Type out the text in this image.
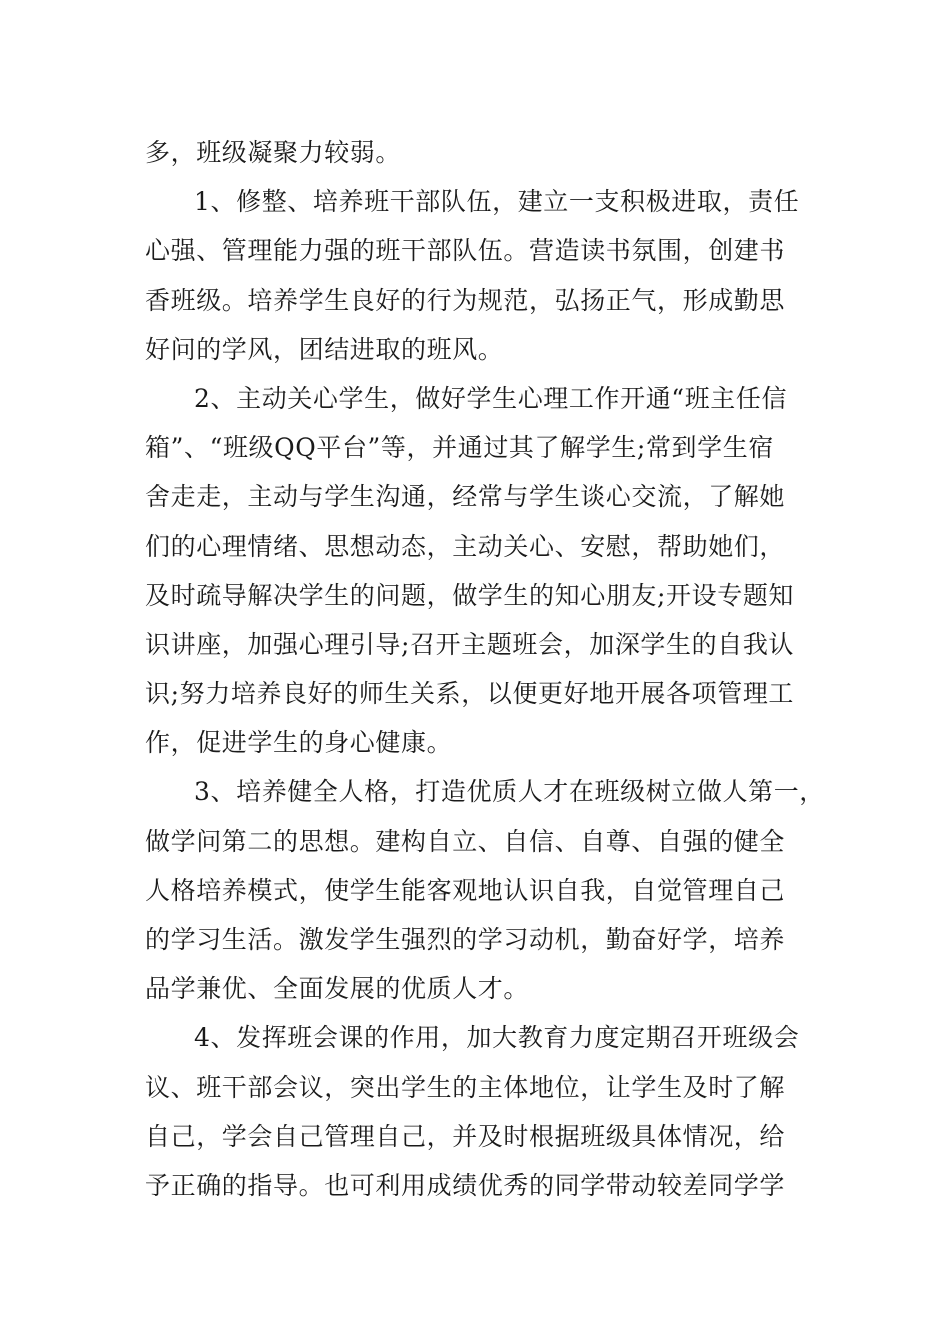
多，班级凝聚力较弱。
1、修整、培养班干部队伍，建立一支积极进取，责任
心强、管理能力强的班干部队伍。营造读书氛围，创建书
香班级。培养学生良好的行为规范，弘扬正气，形成勤思
好问的学风，团结进取的班风。
2、主动关心学生，做好学生心理工作开通“班主任信
箱”、“班级QQ平台”等，并通过其了解学生;常到学生宿
舍走走，主动与学生沟通，经常与学生谈心交流，了解她
们的心理情绪、思想动态，主动关心、安慰，帮助她们，
及时疏导解决学生的问题，做学生的知心朋友;开设专题知
识讲座，加强心理引导;召开主题班会，加深学生的自我认
识;努力培养良好的师生关系，以便更好地开展各项管理工
作，促进学生的身心健康。
3、培养健全人格，打造优质人才在班级树立做人第一，
做学问第二的思想。建构自立、自信、自尊、自强的健全
人格培养模式，使学生能客观地认识自我，自觉管理自己
的学习生活。激发学生强烈的学习动机，勤奋好学，培养
品学兼优、全面发展的优质人才。
4、发挥班会课的作用，加大教育力度定期召开班级会
议、班干部会议，突出学生的主体地位，让学生及时了解
自己，学会自己管理自己，并及时根据班级具体情况，给
予正确的指导。也可利用成绩优秀的同学带动较差同学学
